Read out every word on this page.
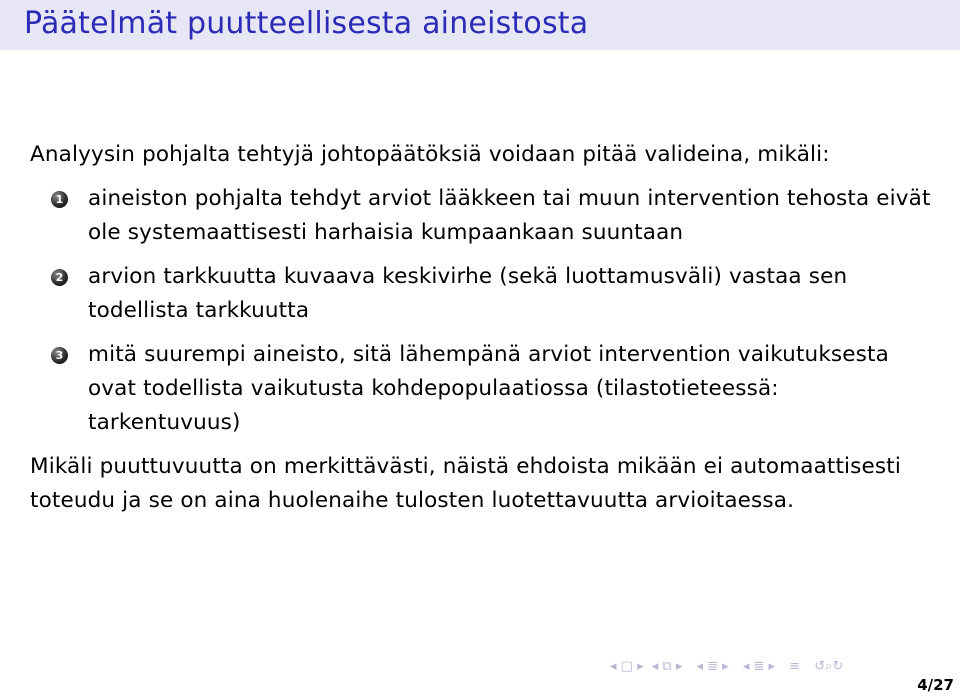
Päätelmät puutteellisesta aineistosta

Analyysin pohjalta tehtyjä johtopäätöksiä voidaan pitää valideina, mikäli:

1 aineiston pohjalta tehdyt arviot lääkkeen tai muun intervention tehosta eivät ole systemaattisesti harhaisia kumpaankaan suuntaan
2 arvion tarkkuutta kuvaava keskivirhe (sekä luottamusväli) vastaa sen todellista tarkkuutta
3 mitä suurempi aineisto, sitä lähempänä arviot intervention vaikutuksesta ovat todellista vaikutusta kohdepopulaatiossa (tilastotieteessä: tarkentuvuus)

Mikäli puuttuvuutta on merkittävästi, näistä ehdoista mikään ei automaattisesti toteudu ja se on aina huolenaihe tulosten luotettavuutta arvioitaessa.

◂ □ ▸ ◂ ⧉ ▸ ◂ ≣ ▸ ◂ ≣ ▸ ≡ ↺⌕↻
4/27
